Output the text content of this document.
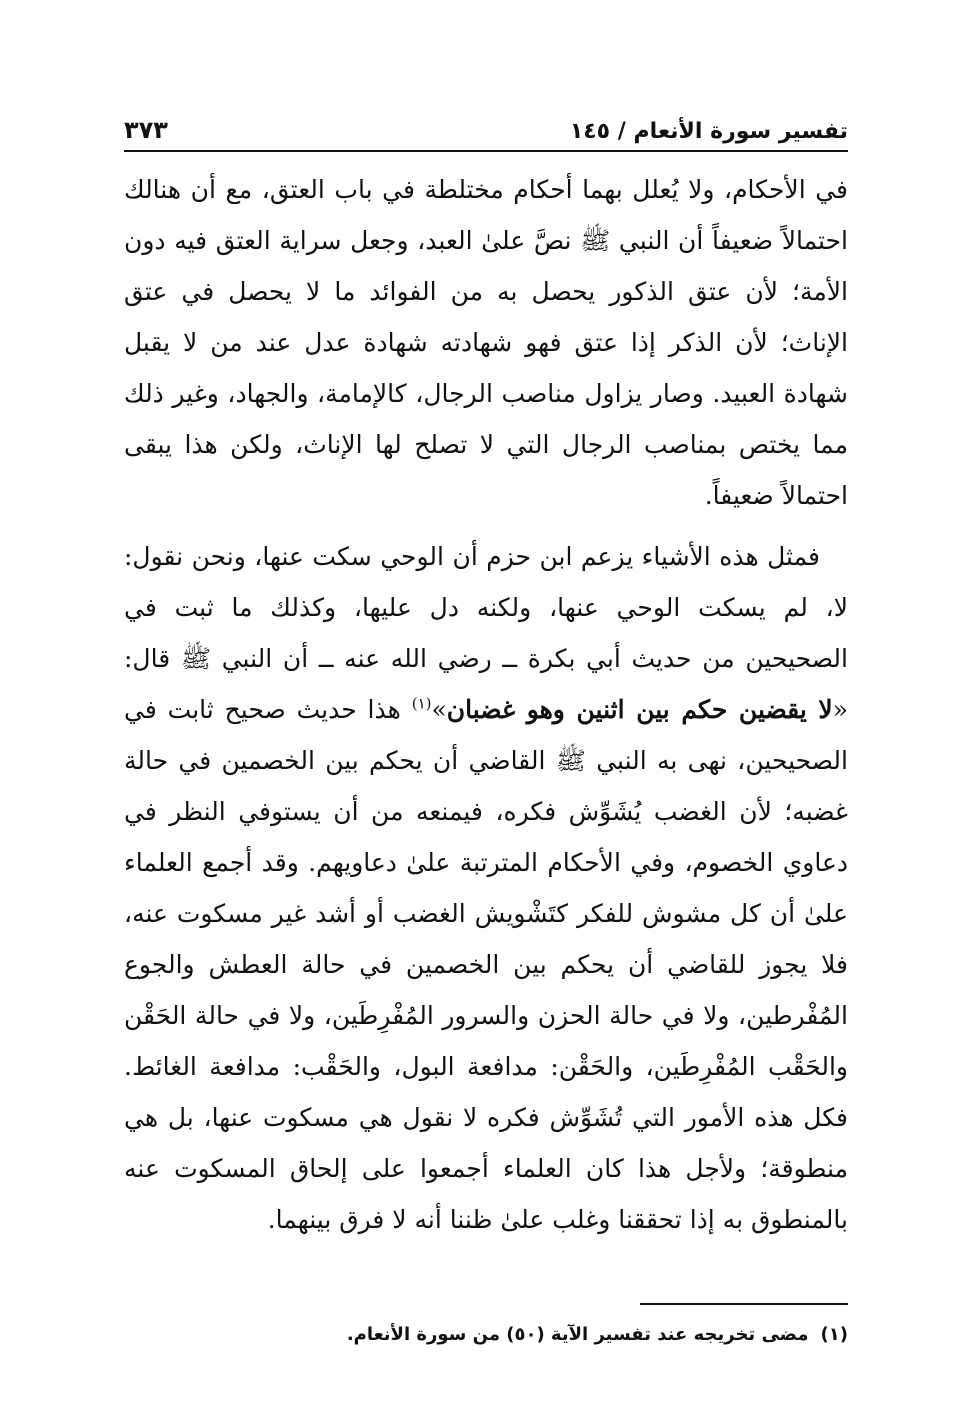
تفسير سورة الأنعام / ١٤٥
٣٧٣

في الأحكام، ولا يُعلل بهما أحكام مختلطة في باب العتق، مع أن هنالك احتمالاً ضعيفاً أن النبي ﷺ نصَّ علىٰ العبد، وجعل سراية العتق فيه دون الأمة؛ لأن عتق الذكور يحصل به من الفوائد ما لا يحصل في عتق الإناث؛ لأن الذكر إذا عتق فهو شهادته شهادة عدل عند من لا يقبل شهادة العبيد. وصار يزاول مناصب الرجال، كالإمامة، والجهاد، وغير ذلك مما يختص بمناصب الرجال التي لا تصلح لها الإناث، ولكن هذا يبقى احتمالاً ضعيفاً.

فمثل هذه الأشياء يزعم ابن حزم أن الوحي سكت عنها، ونحن نقول: لا، لم يسكت الوحي عنها، ولكنه دل عليها، وكذلك ما ثبت في الصحيحين من حديث أبي بكرة ــ رضي الله عنه ــ أن النبي ﷺ قال: «لا يقضين حكم بين اثنين وهو غضبان»$^{(١)}$ هذا حديث صحيح ثابت في الصحيحين، نهى به النبي ﷺ القاضي أن يحكم بين الخصمين في حالة غضبه؛ لأن الغضب يُشَوِّش فكره، فيمنعه من أن يستوفي النظر في دعاوي الخصوم، وفي الأحكام المترتبة علىٰ دعاويهم. وقد أجمع العلماء علىٰ أن كل مشوش للفكر كتَشْويش الغضب أو أشد غير مسكوت عنه، فلا يجوز للقاضي أن يحكم بين الخصمين في حالة العطش والجوع المُفْرطين، ولا في حالة الحزن والسرور المُفْرِطَين، ولا في حالة الحَقْن والحَقْب المُفْرِطَين، والحَقْن: مدافعة البول، والحَقْب: مدافعة الغائط. فكل هذه الأمور التي تُشَوِّش فكره لا نقول هي مسكوت عنها، بل هي منطوقة؛ ولأجل هذا كان العلماء أجمعوا على إلحاق المسكوت عنه بالمنطوق به إذا تحققنا وغلب علىٰ ظننا أنه لا فرق بينهما.

(١)مضى تخريجه عند تفسير الآية (٥٠) من سورة الأنعام.
